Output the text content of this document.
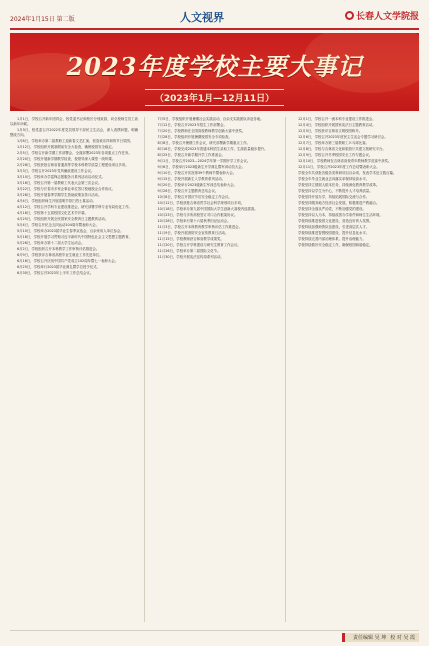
2024年1月15日 第二版	人文视界	长春人文学院报
2023年度学校主要大事记
（2023年1月—12月11日）

1月1日，学校召开新年团拜会，校党委书记和校长分别致辞，向全校师生员工致以新年问候。

1月5日，校党委召开2022年度党员领导干部民主生活会，深入查摆问题，明确整改方向。

1月8日，学校举办第二届教职工迎新春文艺汇演，营造欢乐祥和的节日氛围。

1月12日，学校组织开展寒假前安全大检查，确保校园安全稳定。

2月5日，学校召开新学期工作部署会，全面部署2023年各项重点工作任务。

2月20日，学校开展新学期教学检查，校领导深入课堂一线听课。

2月28日，学校获批吉林省普通高等学校本科教学质量工程建设项目多项。

3月3日，学校召开2023年党风廉政建设工作会议。

3月10日，学校举办学雷锋志愿服务月系列活动启动仪式。

3月16日，学校召开第一届教职工代表大会第三次会议。

3月22日，学校与长春市多家企事业单位签订校地校企合作协议。

3月28日，学校开展春季学期学生资助政策宣传月活动。

4月4日，学校组织师生开展清明节祭扫烈士墓活动。

4月12日，学校召开学科专业建设推进会，研究部署学科专业布局优化工作。

4月18日，学校第十五届校园文化艺术节开幕。

4月25日，学校组织开展全民国家安全教育日主题教育活动。

5月4日，学校召开纪念五四运动104周年暨表彰大会。

5月10日，学校举办2023届毕业生春季双选会，百余家用人单位参会。

5月18日，学校开展学习贯彻习近平新时代中国特色社会主义思想主题教育。

5月26日，学校举办第十二届大学生运动会。

6月2日，学校组织召开本科教学工作审核评估推进会。

6月9日，学校获评吉林省高校毕业生就业工作先进单位。

6月16日，学校召开庆祝中国共产党成立102周年暨七一表彰大会。

6月25日，学校举行2023届毕业典礼暨学位授予仪式。

6月30日，学校召开2023年上半年工作总结会议。

7月5日，学校组织开展暑期社会实践活动，百余支实践团队奔赴各地。

7月12日，学校召开2023年招生工作部署会。

7月20日，学校教师在全国高校教师教学创新大赛中获奖。

7月28日，学校组织开展暑期校园安全专项检查。

8月8日，学校召开暑期工作会议，研究部署新学期重点工作。

8月18日，学校完成2023年普通本科招生录取工作，生源质量稳步提升。

8月25日，学校召开新学期开学工作准备会。

9月1日，学校召开2023—2024学年第一学期开学工作会议。

9月6日，学校举行2023级新生开学典礼暨军训动员大会。

9月10日，学校召开庆祝第39个教师节暨表彰大会。

9月15日，学校开展新生入学教育系列活动。

9月20日，学校举行2023级新生军训总结表彰大会。

9月26日，学校召开主题教育总结会议。

10月8日，学校召开国庆节后安全稳定工作会议。

10月12日，学校获批吉林省哲学社会科学规划项目多项。

10月18日，学校举办第九届中国国际大学生创新大赛校内选拔赛。

10月23日，学校与多所高校签订对口合作框架协议。

10月28日，学校举行第十六届秋季田径运动会。

11月3日，学校召开本科教育教学审核评估工作推进会。

11月9日，学校开展消防安全宣传教育日活动。

11月15日，学校教师获吉林省教学成果奖。

11月20日，学校召开学科建设与研究生教育工作会议。

11月26日，学校举办第二届国际文化节。

11月30日，学校开展宪法宣传周系列活动。

12月1日，学校召开一流本科专业建设工作推进会。

12月4日，学校组织开展国家宪法日主题教育活动。

12月5日，学校获评吉林省文明校园称号。

12月6日，学校召开2023年度民主生活会专题学习研讨会。

12月7日，学校举办第三届教职工乒乓球比赛。

12月8日，学校与吉林省文化和旅游厅共建文旅研究平台。

12月9日，学校召开冬季校园安全工作专题会议。

12月10日，学校教师在吉林省高校青年教师教学竞赛中获奖。

12月11日，学校召开2023年度工作总结暨表彰大会。

学校全年共获批各级各类科研项目百余项，发表学术论文数百篇。

学校全年毕业生就业去向落实率保持较高水平。

学校坚持立德树人根本任务，持续深化教育教学改革。

学校坚持以学生为中心，不断提升人才培养质量。

学校坚持开放办学，持续拓展国际交流与合作。

学校坚持服务地方经济社会发展，积极推进产教融合。

学校坚持全面从严治党，不断加强党的建设。

学校坚持以人为本，持续改善办学条件和师生生活环境。

学校持续推进校园文化建设，营造良好育人氛围。

学校持续加强师资队伍建设，引进高层次人才。

学校持续推进智慧校园建设，提升信息化水平。

学校持续完善内部治理体系，提升治理能力。

学校持续做好安全稳定工作，确保校园和谐稳定。

责任编辑 吴 坤 校 对 吴 霞
